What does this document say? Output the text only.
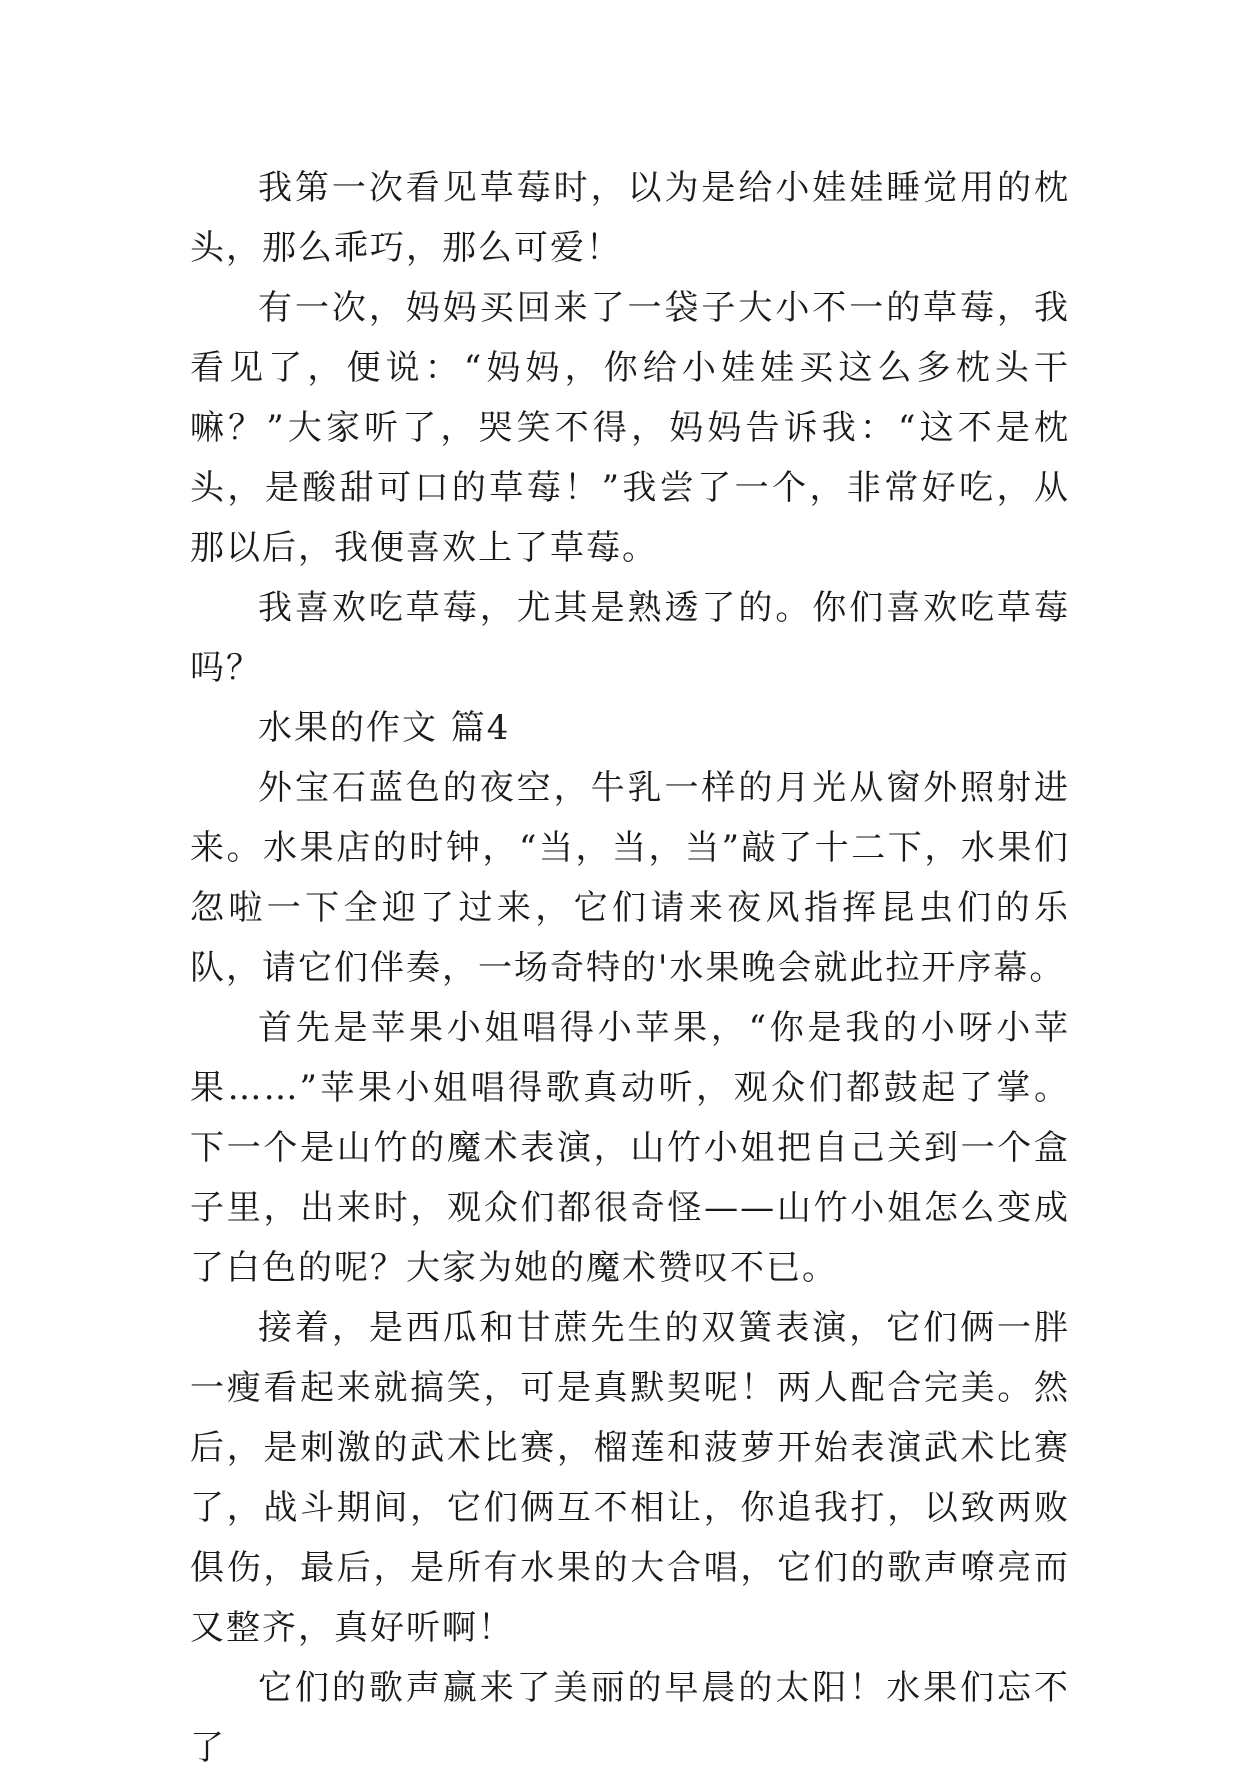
我第一次看见草莓时，以为是给小娃娃睡觉用的枕头，那么乖巧，那么可爱！

有一次，妈妈买回来了一袋子大小不一的草莓，我看见了，便说：“妈妈，你给小娃娃买这么多枕头干嘛？”大家听了，哭笑不得，妈妈告诉我：“这不是枕头，是酸甜可口的草莓！”我尝了一个，非常好吃，从那以后，我便喜欢上了草莓。

我喜欢吃草莓，尤其是熟透了的。你们喜欢吃草莓吗？

水果的作文 篇4

外宝石蓝色的夜空，牛乳一样的月光从窗外照射进来。水果店的时钟，“当，当，当”敲了十二下，水果们忽啦一下全迎了过来，它们请来夜风指挥昆虫们的乐队，请它们伴奏，一场奇特的'水果晚会就此拉开序幕。

首先是苹果小姐唱得小苹果，“你是我的小呀小苹果……”苹果小姐唱得歌真动听，观众们都鼓起了掌。下一个是山竹的魔术表演，山竹小姐把自己关到一个盒子里，出来时，观众们都很奇怪——山竹小姐怎么变成了白色的呢？大家为她的魔术赞叹不已。

接着，是西瓜和甘蔗先生的双簧表演，它们俩一胖一瘦看起来就搞笑，可是真默契呢！两人配合完美。然后，是刺激的武术比赛，榴莲和菠萝开始表演武术比赛了，战斗期间，它们俩互不相让，你追我打，以致两败俱伤，最后，是所有水果的大合唱，它们的歌声嘹亮而又整齐，真好听啊！

它们的歌声赢来了美丽的早晨的太阳！水果们忘不了
